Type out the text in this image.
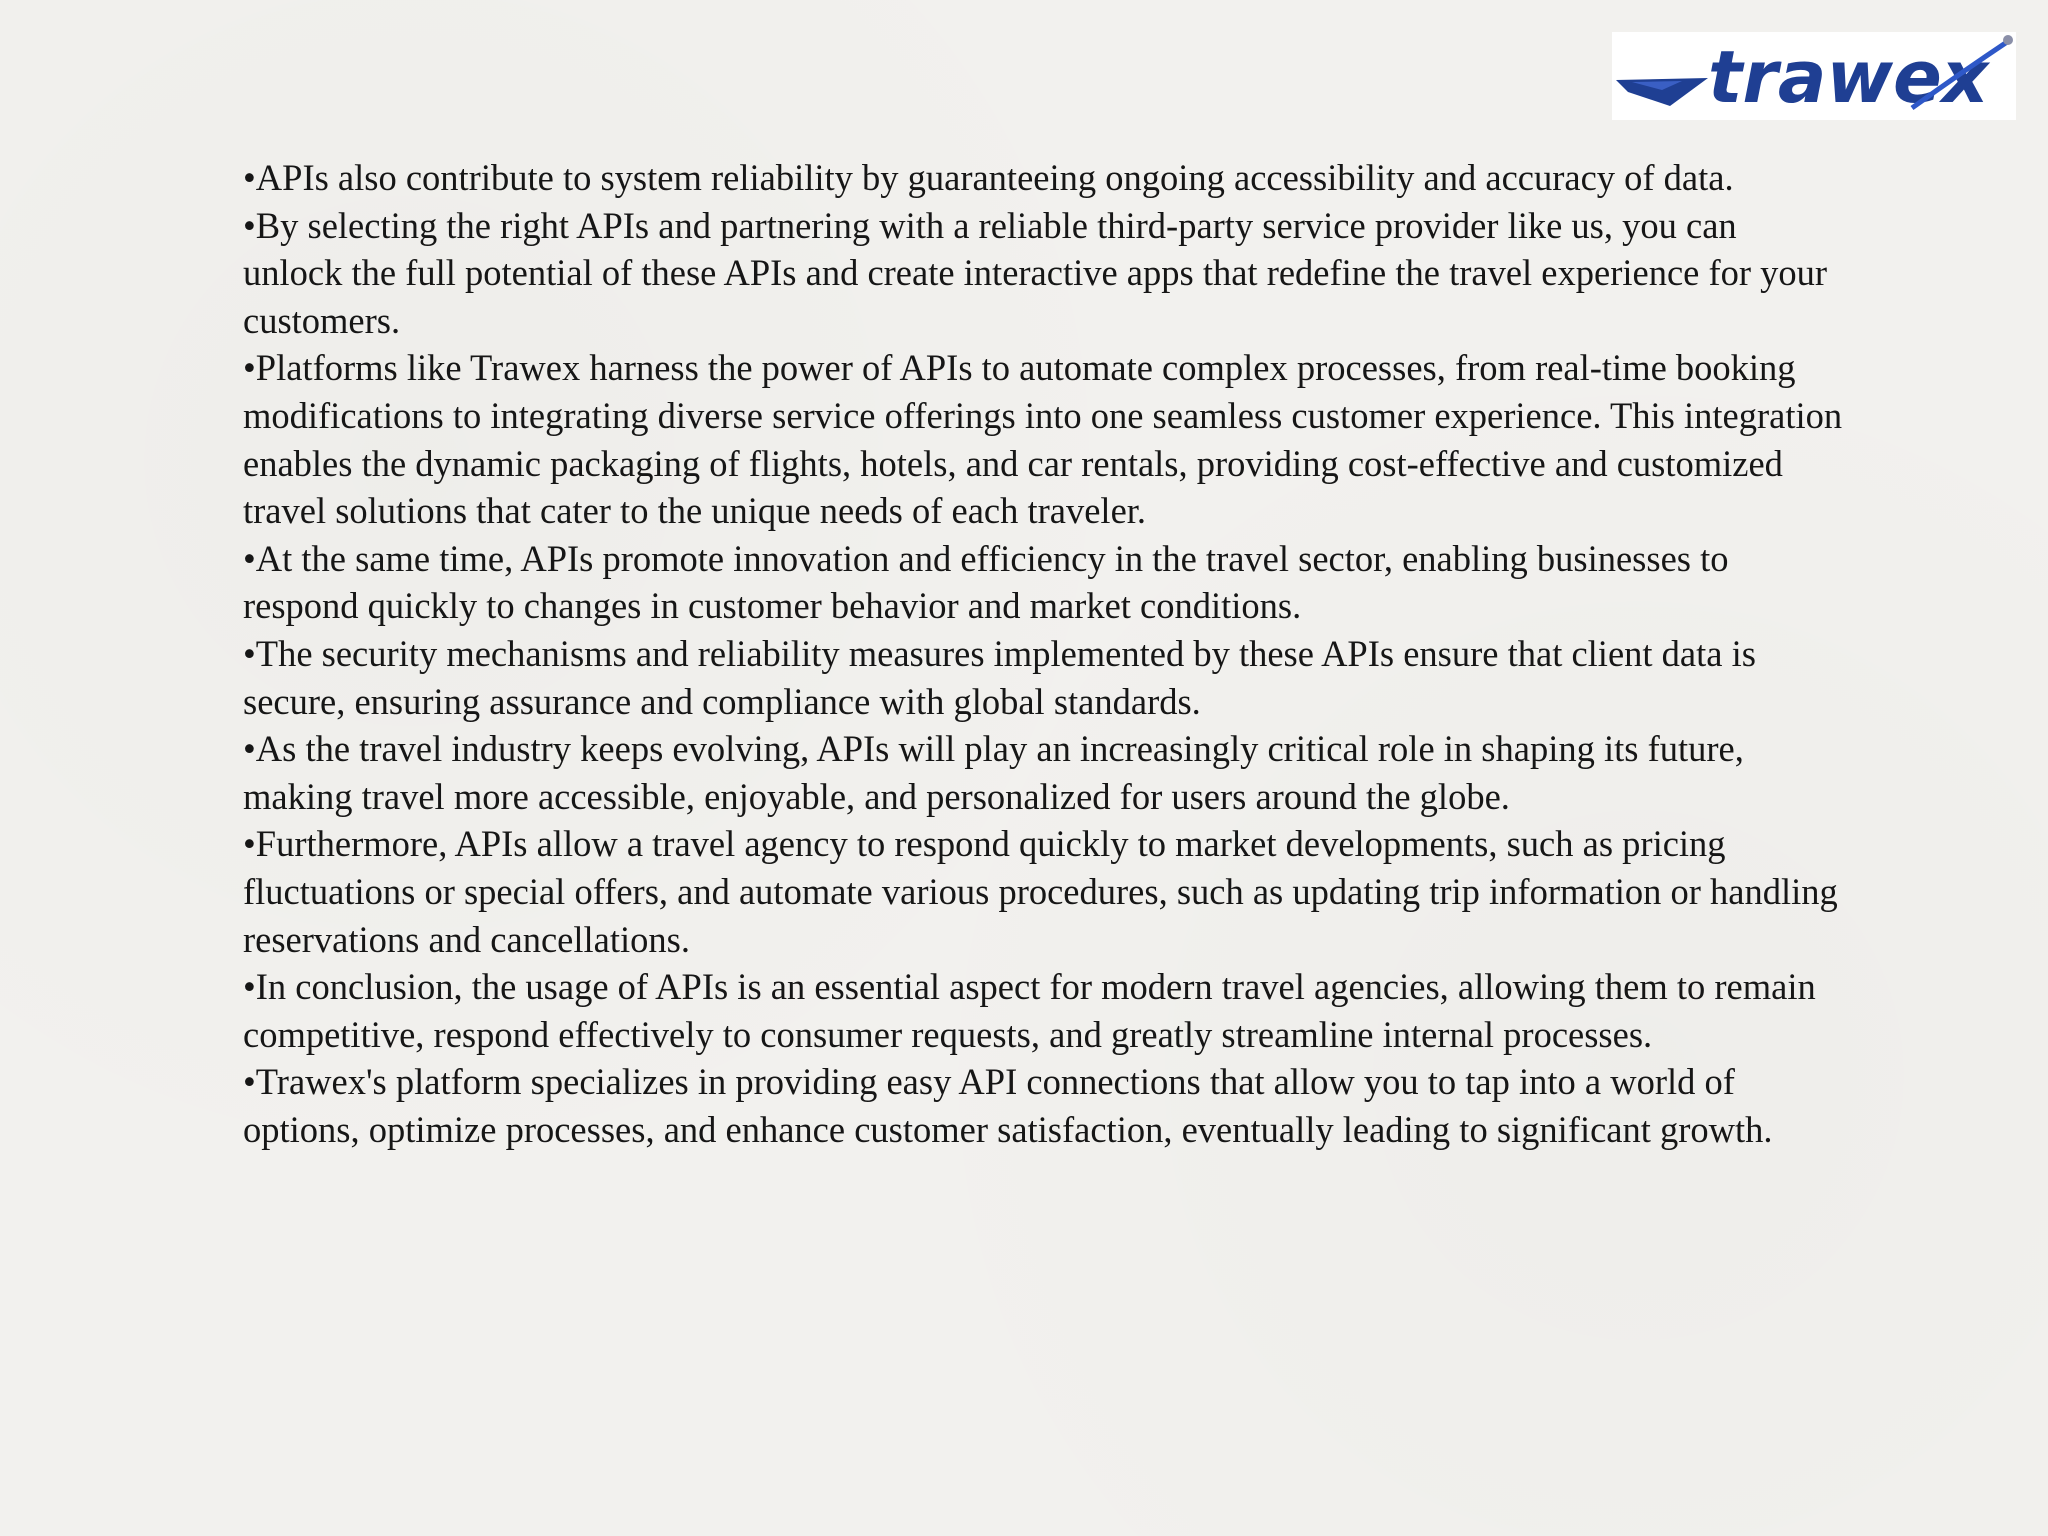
trawex

•APIs also contribute to system reliability by guaranteeing ongoing accessibility and accuracy of data.

•By selecting the right APIs and partnering with a reliable third-party service provider like us, you can unlock the full potential of these APIs and create interactive apps that redefine the travel experience for your customers.

•Platforms like Trawex harness the power of APIs to automate complex processes, from real-time booking modifications to integrating diverse service offerings into one seamless customer experience. This integration enables the dynamic packaging of flights, hotels, and car rentals, providing cost-effective and customized travel solutions that cater to the unique needs of each traveler.

•At the same time, APIs promote innovation and efficiency in the travel sector, enabling businesses to respond quickly to changes in customer behavior and market conditions.

•The security mechanisms and reliability measures implemented by these APIs ensure that client data is secure, ensuring assurance and compliance with global standards.

•As the travel industry keeps evolving, APIs will play an increasingly critical role in shaping its future, making travel more accessible, enjoyable, and personalized for users around the globe.

•Furthermore, APIs allow a travel agency to respond quickly to market developments, such as pricing fluctuations or special offers, and automate various procedures, such as updating trip information or handling reservations and cancellations.

•In conclusion, the usage of APIs is an essential aspect for modern travel agencies, allowing them to remain competitive, respond effectively to consumer requests, and greatly streamline internal processes.

•Trawex's platform specializes in providing easy API connections that allow you to tap into a world of options, optimize processes, and enhance customer satisfaction, eventually leading to significant growth.
